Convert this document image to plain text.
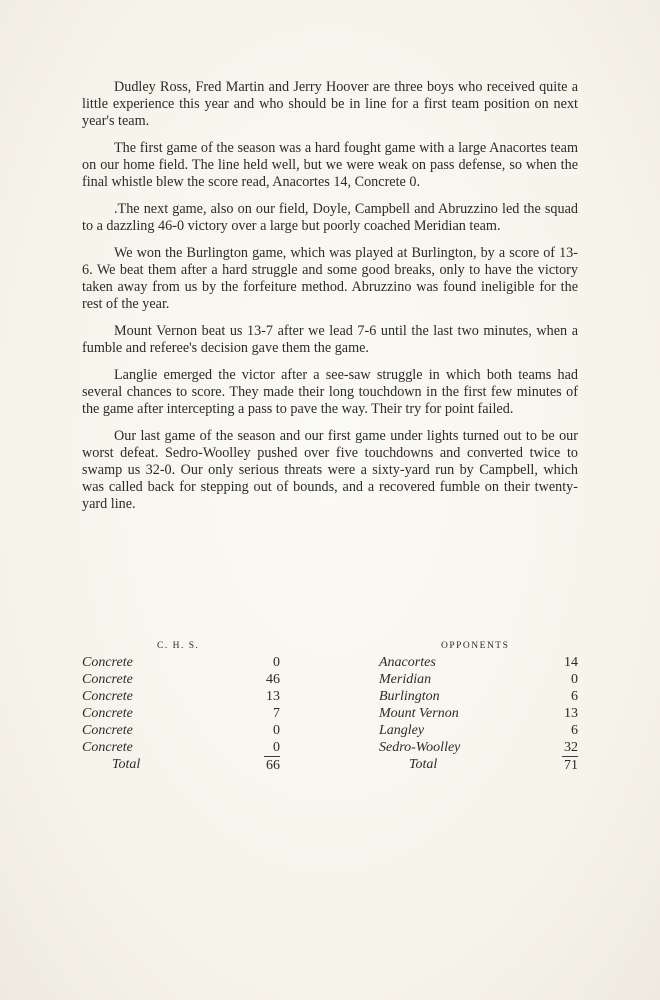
Dudley Ross, Fred Martin and Jerry Hoover are three boys who received quite a little experience this year and who should be in line for a first team position on next year's team.

The first game of the season was a hard fought game with a large Anacortes team on our home field. The line held well, but we were weak on pass defense, so when the final whistle blew the score read, Anacortes 14, Concrete 0.

.The next game, also on our field, Doyle, Campbell and Abruzzino led the squad to a dazzling 46-0 victory over a large but poorly coached Meridian team.

We won the Burlington game, which was played at Burlington, by a score of 13-6. We beat them after a hard struggle and some good breaks, only to have the victory taken away from us by the forfeiture method. Abruzzino was found ineligible for the rest of the year.

Mount Vernon beat us 13-7 after we lead 7-6 until the last two minutes, when a fumble and referee's decision gave them the game.

Langlie emerged the victor after a see-saw struggle in which both teams had several chances to score. They made their long touchdown in the first few minutes of the game after intercepting a pass to pave the way. Their try for point failed.

Our last game of the season and our first game under lights turned out to be our worst defeat. Sedro-Woolley pushed over five touchdowns and converted twice to swamp us 32-0. Our only serious threats were a sixty-yard run by Campbell, which was called back for stepping out of bounds, and a recovered fumble on their twenty-yard line.

C. H. S.
Concrete	0
Concrete	46
Concrete	13
Concrete	7
Concrete	0
Concrete	0
Total	66
OPPONENTS
Anacortes	14
Meridian	0
Burlington	6
Mount Vernon	13
Langley	6
Sedro-Woolley	32
Total	71
